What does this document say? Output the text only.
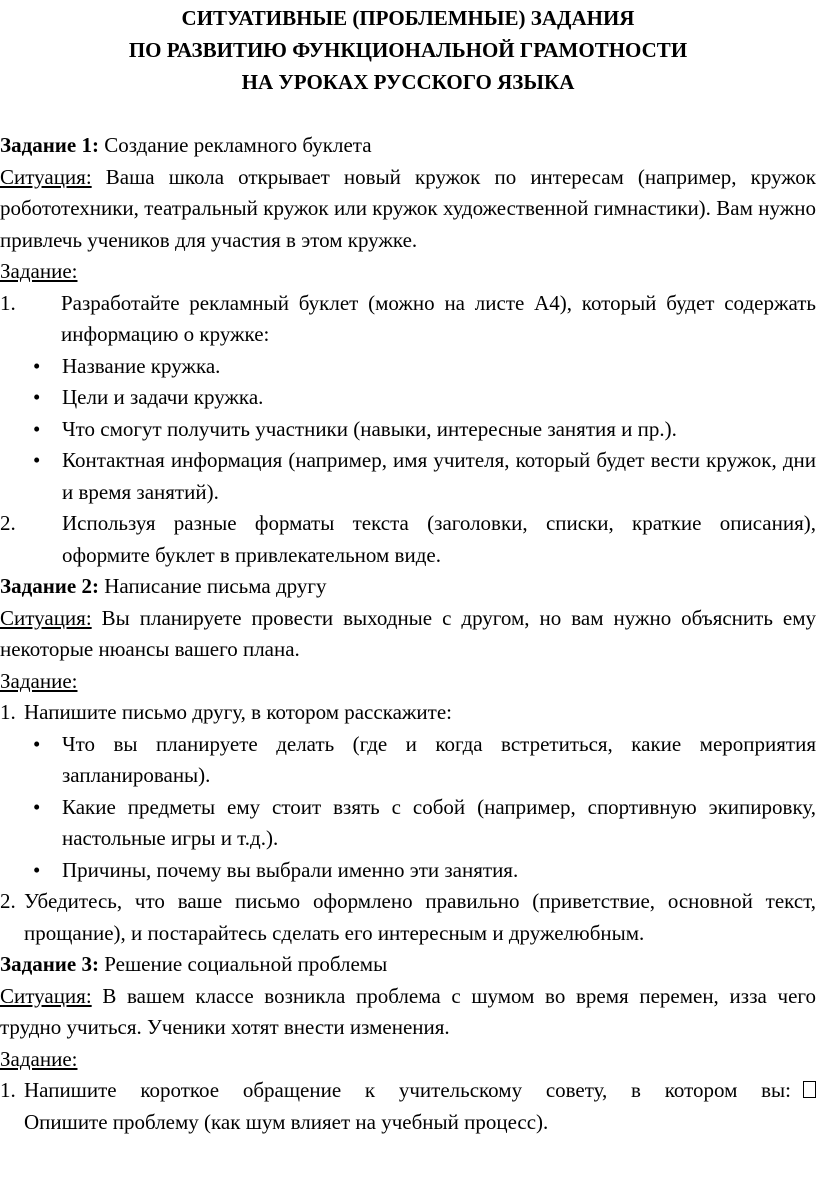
СИТУАТИВНЫЕ (ПРОБЛЕМНЫЕ) ЗАДАНИЯ
ПО РАЗВИТИЮ ФУНКЦИОНАЛЬНОЙ ГРАМОТНОСТИ
НА УРОКАХ РУССКОГО ЯЗЫКА

Задание 1: Создание рекламного буклета

Ситуация: Ваша школа открывает новый кружок по интересам (например, кружок робототехники, театральный кружок или кружок художественной гимнастики). Вам нужно привлечь учеников для участия в этом кружке.

Задание:

1.	Разработайте рекламный буклет (можно на листе А4), который будет содержать информацию о кружке:
• Название кружка.
• Цели и задачи кружка.
• Что смогут получить участники (навыки, интересные занятия и пр.).
• Контактная информация (например, имя учителя, который будет вести кружок, дни и время занятий).
2.	Используя разные форматы текста (заголовки, списки, краткие описания), оформите буклет в привлекательном виде.

Задание 2: Написание письма другу

Ситуация: Вы планируете провести выходные с другом, но вам нужно объяснить ему некоторые нюансы вашего плана.

Задание:

1. Напишите письмо другу, в котором расскажите:
• Что вы планируете делать (где и когда встретиться, какие мероприятия запланированы).
• Какие предметы ему стоит взять с собой (например, спортивную экипировку, настольные игры и т.д.).
• Причины, почему вы выбрали именно эти занятия.
2. Убедитесь, что ваше письмо оформлено правильно (приветствие, основной текст, прощание), и постарайтесь сделать его интересным и дружелюбным.

Задание 3: Решение социальной проблемы

Ситуация: В вашем классе возникла проблема с шумом во время перемен, изза чего трудно учиться. Ученики хотят внести изменения.

Задание:

1. Напишите короткое обращение к учительскому совету, в котором вы:
Опишите проблему (как шум влияет на учебный процесс).
